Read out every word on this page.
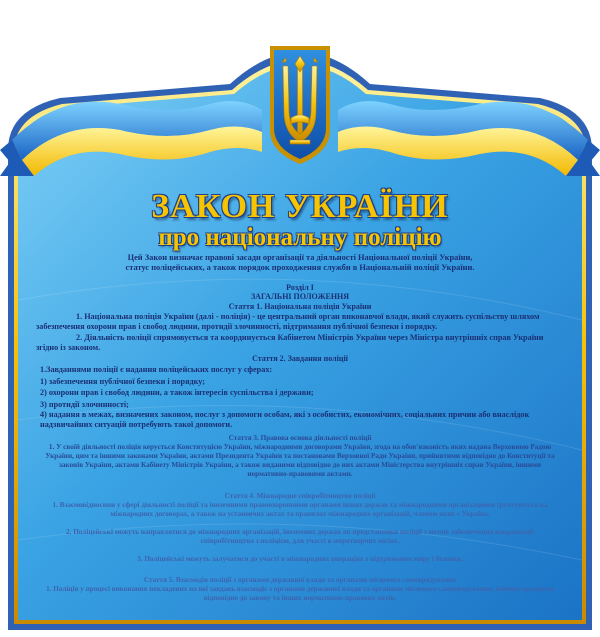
ЗАКОН УКРАЇНИ
про національну поліцію
Цей Закон визначає правові засади організації та діяльності Національної поліції України,
статус поліцейських, а також порядок проходження служби в Національній поліції України.
Розділ I
ЗАГАЛЬНІ ПОЛОЖЕННЯ
Стаття 1. Національна поліція України
1. Національна поліція України (далі - поліція) - це центральний орган виконавчої влади, який служить суспільству шляхом забезпечення охорони прав і свобод людини, протидії злочинності, підтримання публічної безпеки і порядку.
2. Діяльність поліції спрямовується та координується Кабінетом Міністрів України через Міністра внутрішніх справ України згідно із законом.
Стаття 2. Завдання поліції
1.Завданнями поліції є надання поліцейських послуг у сферах:
1) забезпечення публічної безпеки і порядку;
2) охорони прав і свобод людини, а також інтересів суспільства і держави;
3) протидії злочинності;
4) надання в межах, визначених законом, послуг з допомоги особам, які з особистих, економічних, соціальних причин або внаслідок надзвичайних ситуацій потребують такої допомоги.
Стаття 3. Правова основа діяльності поліції
1. У своїй діяльності поліція керується Конституцією України, міжнародними договорами України, згода на обов'язковість яких надана Верховною Радою України, цим та іншими законами України, актами Президента України та постановами Верховної Ради України, прийнятими відповідно до Конституції та законів України, актами Кабінету Міністрів України, а також виданими відповідно до них актами Міністерства внутрішніх справ України, іншими нормативно-правовими актами.
Стаття 4. Міжнародне співробітництво поліції
1. Взаємовідносини у сфері діяльності поліції та іноземними правоохоронними органами інших держав та міжнародними організаціями ґрунтуються на міжнародних договорах, а також на установчих актах та правилах міжнародних організацій, членом яких є Україна.
2. Поліцейські можуть направлятися до міжнародних організацій, іноземних держав як представники поліції з метою забезпечення координації співробітництва з поліцією, для участі в миротворчих місіях.
3. Поліцейські можуть залучатися до участі в міжнародних операціях з підтримання миру і безпеки.
Стаття 5. Взаємодія поліції з органами державної влади та органами місцевого самоврядування
1. Поліція у процесі виконання покладених на неї завдань взаємодіє з органами державної влади та органами місцевого самоврядування, іншими органами відповідно до закону та інших нормативно-правових актів.
